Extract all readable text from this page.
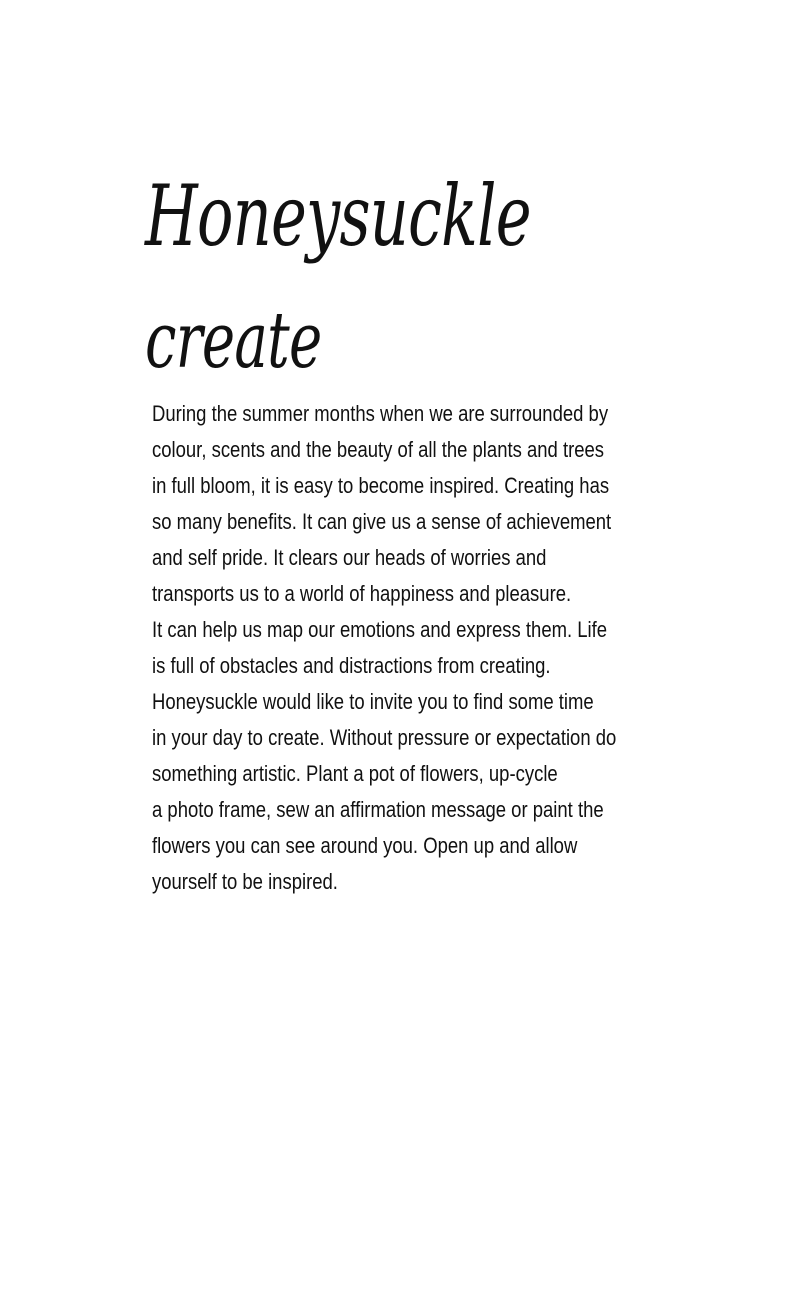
Honeysuckle
create
During the summer months when we are surrounded by
colour, scents and the beauty of all the plants and trees
in full bloom, it is easy to become inspired. Creating has
so many benefits. It can give us a sense of achievement
and self pride. It clears our heads of worries and
transports us to a world of happiness and pleasure.
It can help us map our emotions and express them. Life
is full of obstacles and distractions from creating.
Honeysuckle would like to invite you to find some time
in your day to create. Without pressure or expectation do
something artistic. Plant a pot of flowers, up-cycle
a photo frame, sew an affirmation message or paint the
flowers you can see around you. Open up and allow
yourself to be inspired.
